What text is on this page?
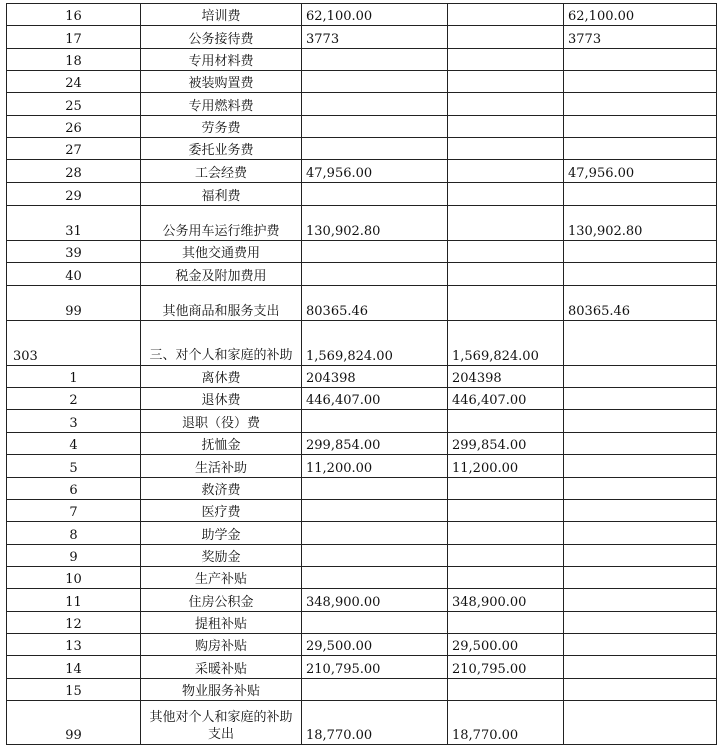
16	培训费	62,100.00		62,100.00
17	公务接待费	3773		3773
18	专用材料费			
24	被装购置费			
25	专用燃料费			
26	劳务费			
27	委托业务费			
28	工会经费	47,956.00		47,956.00
29	福利费			
31	公务用车运行维护费	130,902.80		130,902.80
39	其他交通费用			
40	税金及附加费用			
99	其他商品和服务支出	80365.46		80365.46
303	三、对个人和家庭的补助	1,569,824.00	1,569,824.00	
1	离休费	204398	204398	
2	退休费	446,407.00	446,407.00	
3	退职（役）费			
4	抚恤金	299,854.00	299,854.00	
5	生活补助	11,200.00	11,200.00	
6	救济费			
7	医疗费			
8	助学金			
9	奖励金			
10	生产补贴			
11	住房公积金	348,900.00	348,900.00	
12	提租补贴			
13	购房补贴	29,500.00	29,500.00	
14	采暖补贴	210,795.00	210,795.00	
15	物业服务补贴			
99	其他对个人和家庭的补助支出	18,770.00	18,770.00	
